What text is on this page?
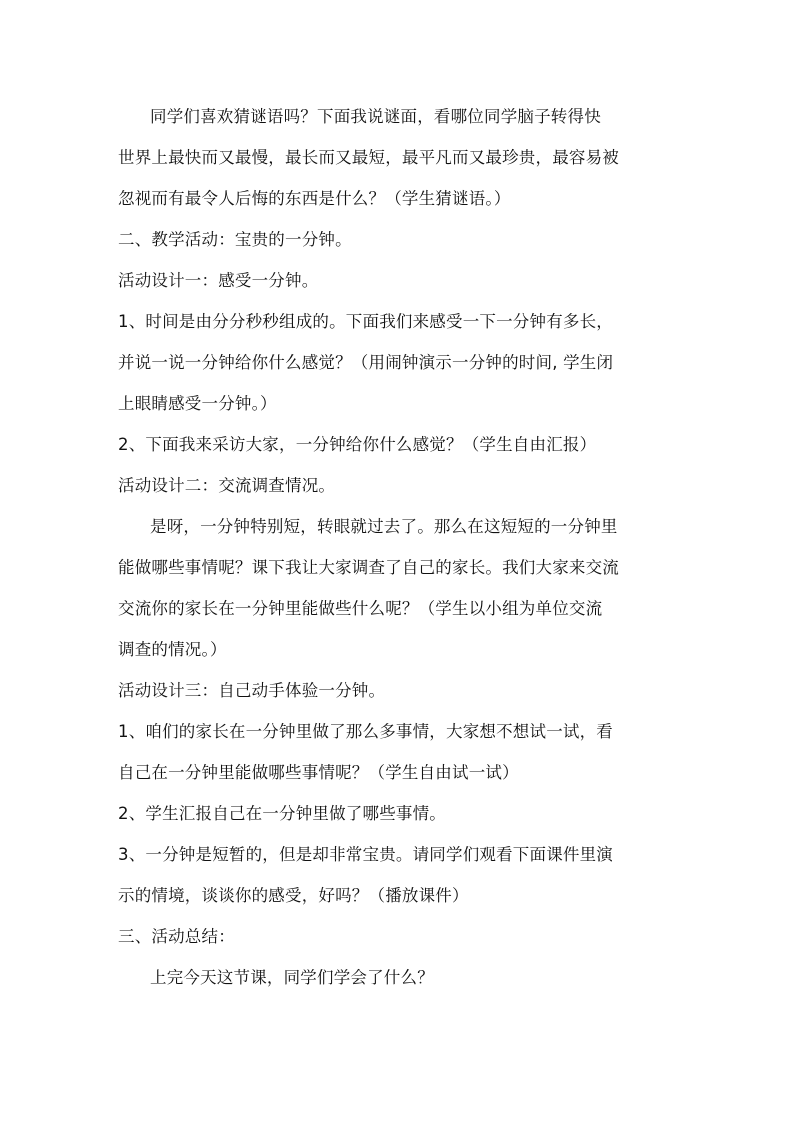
同学们喜欢猜谜语吗？下面我说谜面，看哪位同学脑子转得快
世界上最快而又最慢，最长而又最短，最平凡而又最珍贵，最容易被
忽视而有最令人后悔的东西是什么？（学生猜谜语。）
二、教学活动：宝贵的一分钟。
活动设计一：感受一分钟。
1、时间是由分分秒秒组成的。下面我们来感受一下一分钟有多长，
并说一说一分钟给你什么感觉？（用闹钟演示一分钟的时间, 学生闭
上眼睛感受一分钟。）
2、下面我来采访大家，一分钟给你什么感觉？（学生自由汇报）
活动设计二：交流调查情况。
是呀，一分钟特别短，转眼就过去了。那么在这短短的一分钟里
能做哪些事情呢？课下我让大家调查了自己的家长。我们大家来交流
交流你的家长在一分钟里能做些什么呢？（学生以小组为单位交流
调查的情况。）
活动设计三：自己动手体验一分钟。
1、咱们的家长在一分钟里做了那么多事情，大家想不想试一试，看
自己在一分钟里能做哪些事情呢？（学生自由试一试）
2、学生汇报自己在一分钟里做了哪些事情。
3、一分钟是短暂的，但是却非常宝贵。请同学们观看下面课件里演
示的情境，谈谈你的感受，好吗？（播放课件）
三、活动总结：
上完今天这节课，同学们学会了什么？
